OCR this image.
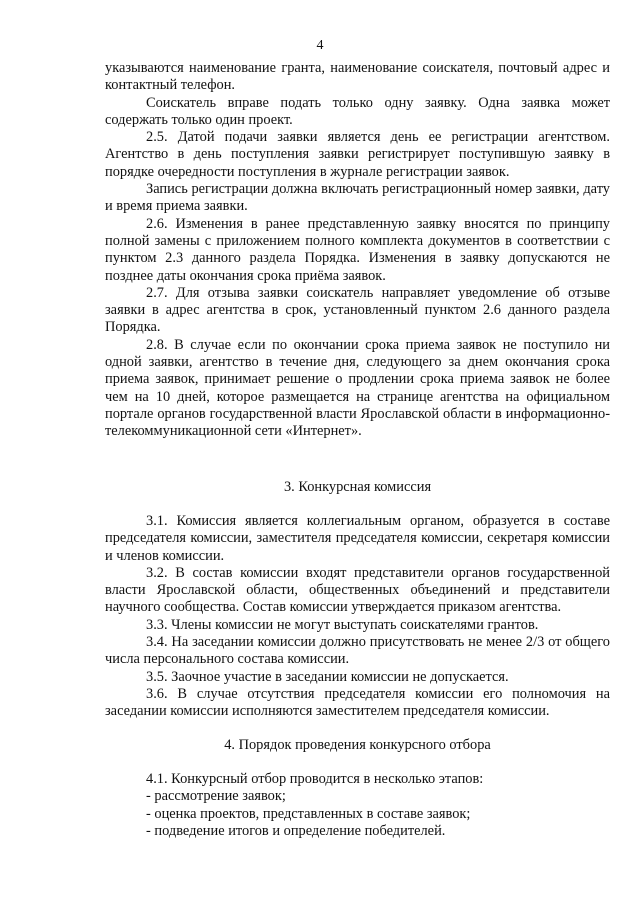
4

указываются наименование гранта, наименование соискателя, почтовый адрес и контактный телефон.

Соискатель вправе подать только одну заявку. Одна заявка может содержать только один проект.

2.5. Датой подачи заявки является день ее регистрации агентством. Агентство в день поступления заявки регистрирует поступившую заявку в порядке очередности поступления в журнале регистрации заявок.

Запись регистрации должна включать регистрационный номер заявки, дату и время приема заявки.

2.6. Изменения в ранее представленную заявку вносятся по принципу полной замены с приложением полного комплекта документов в соответствии с пунктом 2.3 данного раздела Порядка. Изменения в заявку допускаются не позднее даты окончания срока приёма заявок.

2.7. Для отзыва заявки соискатель направляет уведомление об отзыве заявки в адрес агентства в срок, установленный пунктом 2.6 данного раздела Порядка.

2.8. В случае если по окончании срока приема заявок не поступило ни одной заявки, агентство в течение дня, следующего за днем окончания срока приема заявок, принимает решение о продлении срока приема заявок не более чем на 10 дней, которое размещается на странице агентства на официальном портале органов государственной власти Ярославской области в информационно-телекоммуникационной сети «Интернет».

3. Конкурсная комиссия

3.1. Комиссия является коллегиальным органом, образуется в составе председателя комиссии, заместителя председателя комиссии, секретаря комиссии и членов комиссии.

3.2. В состав комиссии входят представители органов государственной власти Ярославской области, общественных объединений и представители научного сообщества. Состав комиссии утверждается приказом агентства.

3.3. Члены комиссии не могут выступать соискателями грантов.

3.4. На заседании комиссии должно присутствовать не менее 2/3 от общего числа персонального состава комиссии.

3.5. Заочное участие в заседании комиссии не допускается.

3.6. В случае отсутствия председателя комиссии его полномочия на заседании комиссии исполняются заместителем председателя комиссии.

4. Порядок проведения конкурсного отбора

4.1. Конкурсный отбор проводится в несколько этапов:

- рассмотрение заявок;

- оценка проектов, представленных в составе заявок;

- подведение итогов и определение победителей.
